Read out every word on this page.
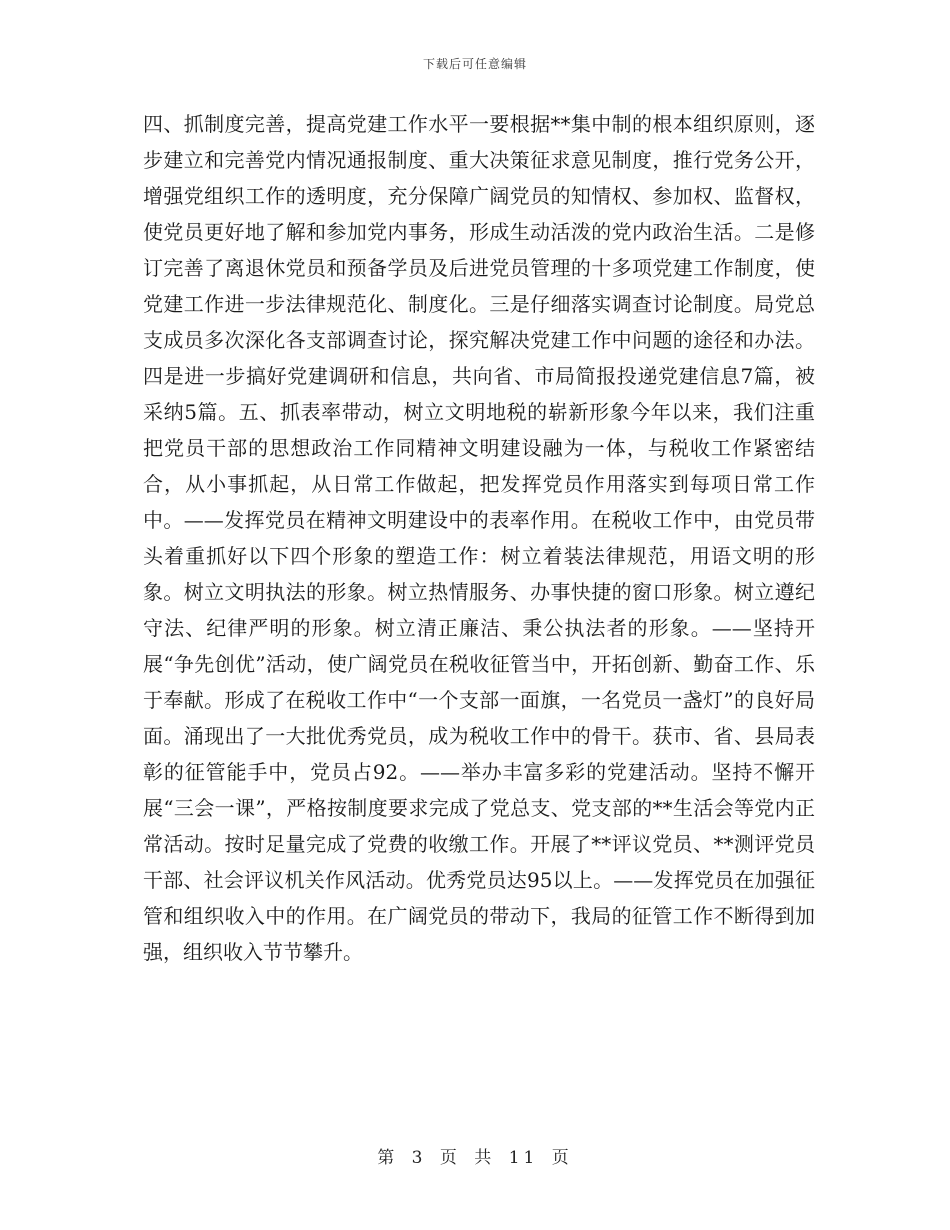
下载后可任意编辑

四、抓制度完善，提高党建工作水平一要根据**集中制的根本组织原则，逐步建立和完善党内情况通报制度、重大决策征求意见制度，推行党务公开，增强党组织工作的透明度，充分保障广阔党员的知情权、参加权、监督权，使党员更好地了解和参加党内事务，形成生动活泼的党内政治生活。二是修订完善了离退休党员和预备学员及后进党员管理的十多项党建工作制度，使党建工作进一步法律规范化、制度化。三是仔细落实调查讨论制度。局党总支成员多次深化各支部调查讨论，探究解决党建工作中问题的途径和办法。四是进一步搞好党建调研和信息，共向省、市局简报投递党建信息7篇，被采纳5篇。五、抓表率带动，树立文明地税的崭新形象今年以来，我们注重把党员干部的思想政治工作同精神文明建设融为一体，与税收工作紧密结合，从小事抓起，从日常工作做起，把发挥党员作用落实到每项日常工作中。——发挥党员在精神文明建设中的表率作用。在税收工作中，由党员带头着重抓好以下四个形象的塑造工作：树立着装法律规范，用语文明的形象。树立文明执法的形象。树立热情服务、办事快捷的窗口形象。树立遵纪守法、纪律严明的形象。树立清正廉洁、秉公执法者的形象。——坚持开展“争先创优”活动，使广阔党员在税收征管当中，开拓创新、勤奋工作、乐于奉献。形成了在税收工作中“一个支部一面旗，一名党员一盏灯”的良好局面。涌现出了一大批优秀党员，成为税收工作中的骨干。获市、省、县局表彰的征管能手中，党员占92。——举办丰富多彩的党建活动。坚持不懈开展“三会一课”，严格按制度要求完成了党总支、党支部的**生活会等党内正常活动。按时足量完成了党费的收缴工作。开展了**评议党员、**测评党员干部、社会评议机关作风活动。优秀党员达95以上。——发挥党员在加强征管和组织收入中的作用。在广阔党员的带动下，我局的征管工作不断得到加强，组织收入节节攀升。

第 3 页 共 11 页
